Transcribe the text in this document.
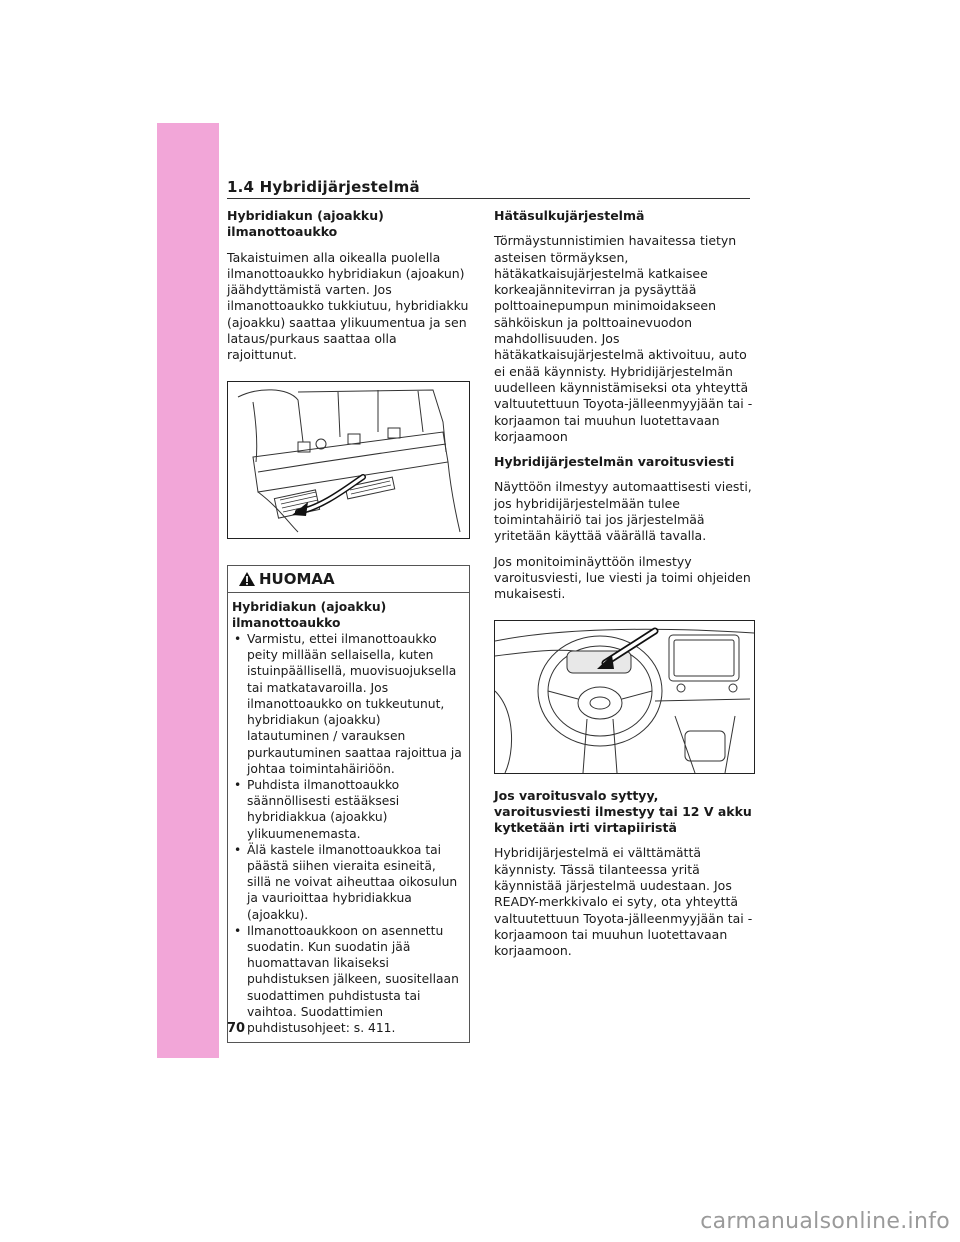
1.4 Hybridijärjestelmä
Hybridiakun (ajoakku) ilmanottoaukko

Takaistuimen alla oikealla puolella ilmanottoaukko hybridiakun (ajoakun) jäähdyttämistä varten. Jos ilmanottoaukko tukkiutuu, hybridiakku (ajoakku) saattaa ylikuumentua ja sen lataus/purkaus saattaa olla rajoittunut.

HUOMAA
Hybridiakun (ajoakku) ilmanottoaukko
• Varmistu, ettei ilmanottoaukko peity millään sellaisella, kuten istuinpäällisellä, muovisuojuksella tai matkatavaroilla. Jos ilmanottoaukko on tukkeutunut, hybridiakun (ajoakku) latautuminen / varauksen purkautuminen saattaa rajoittua ja johtaa toimintahäiriöön.
• Puhdista ilmanottoaukko säännöllisesti estääksesi hybridiakkua (ajoakku) ylikuumenemasta.
• Älä kastele ilmanottoaukkoa tai päästä siihen vieraita esineitä, sillä ne voivat aiheuttaa oikosulun ja vaurioittaa hybridiakkua (ajoakku).
• Ilmanottoaukkoon on asennettu suodatin. Kun suodatin jää huomattavan likaiseksi puhdistuksen jälkeen, suositellaan suodattimen puhdistusta tai vaihtoa. Suodattimien puhdistusohjeet: s. 411.
Hätäsulkujärjestelmä

Törmäystunnistimien havaitessa tietyn asteisen törmäyksen, hätäkatkaisujärjestelmä katkaisee korkeajännitevirran ja pysäyttää polttoainepumpun minimoidakseen sähköiskun ja polttoainevuodon mahdollisuuden. Jos hätäkatkaisujärjestelmä aktivoituu, auto ei enää käynnisty. Hybridijärjestelmän uudelleen käynnistämiseksi ota yhteyttä valtuutettuun Toyota-jälleenmyyjään tai -korjaamon tai muuhun luotettavaan korjaamoon

Hybridijärjestelmän varoitusviesti

Näyttöön ilmestyy automaattisesti viesti, jos hybridijärjestelmään tulee toimintahäiriö tai jos järjestelmää yritetään käyttää väärällä tavalla.

Jos monitoiminäyttöön ilmestyy varoitusviesti, lue viesti ja toimi ohjeiden mukaisesti.

Jos varoitusvalo syttyy, varoitusviesti ilmestyy tai 12 V akku kytketään irti virtapiiristä

Hybridijärjestelmä ei välttämättä käynnisty. Tässä tilanteessa yritä käynnistää järjestelmä uudestaan. Jos READY-merkkivalo ei syty, ota yhteyttä valtuutettuun Toyota-jälleenmyyjään tai -korjaamoon tai muuhun luotettavaan korjaamoon.

70
carmanualsonline.info
